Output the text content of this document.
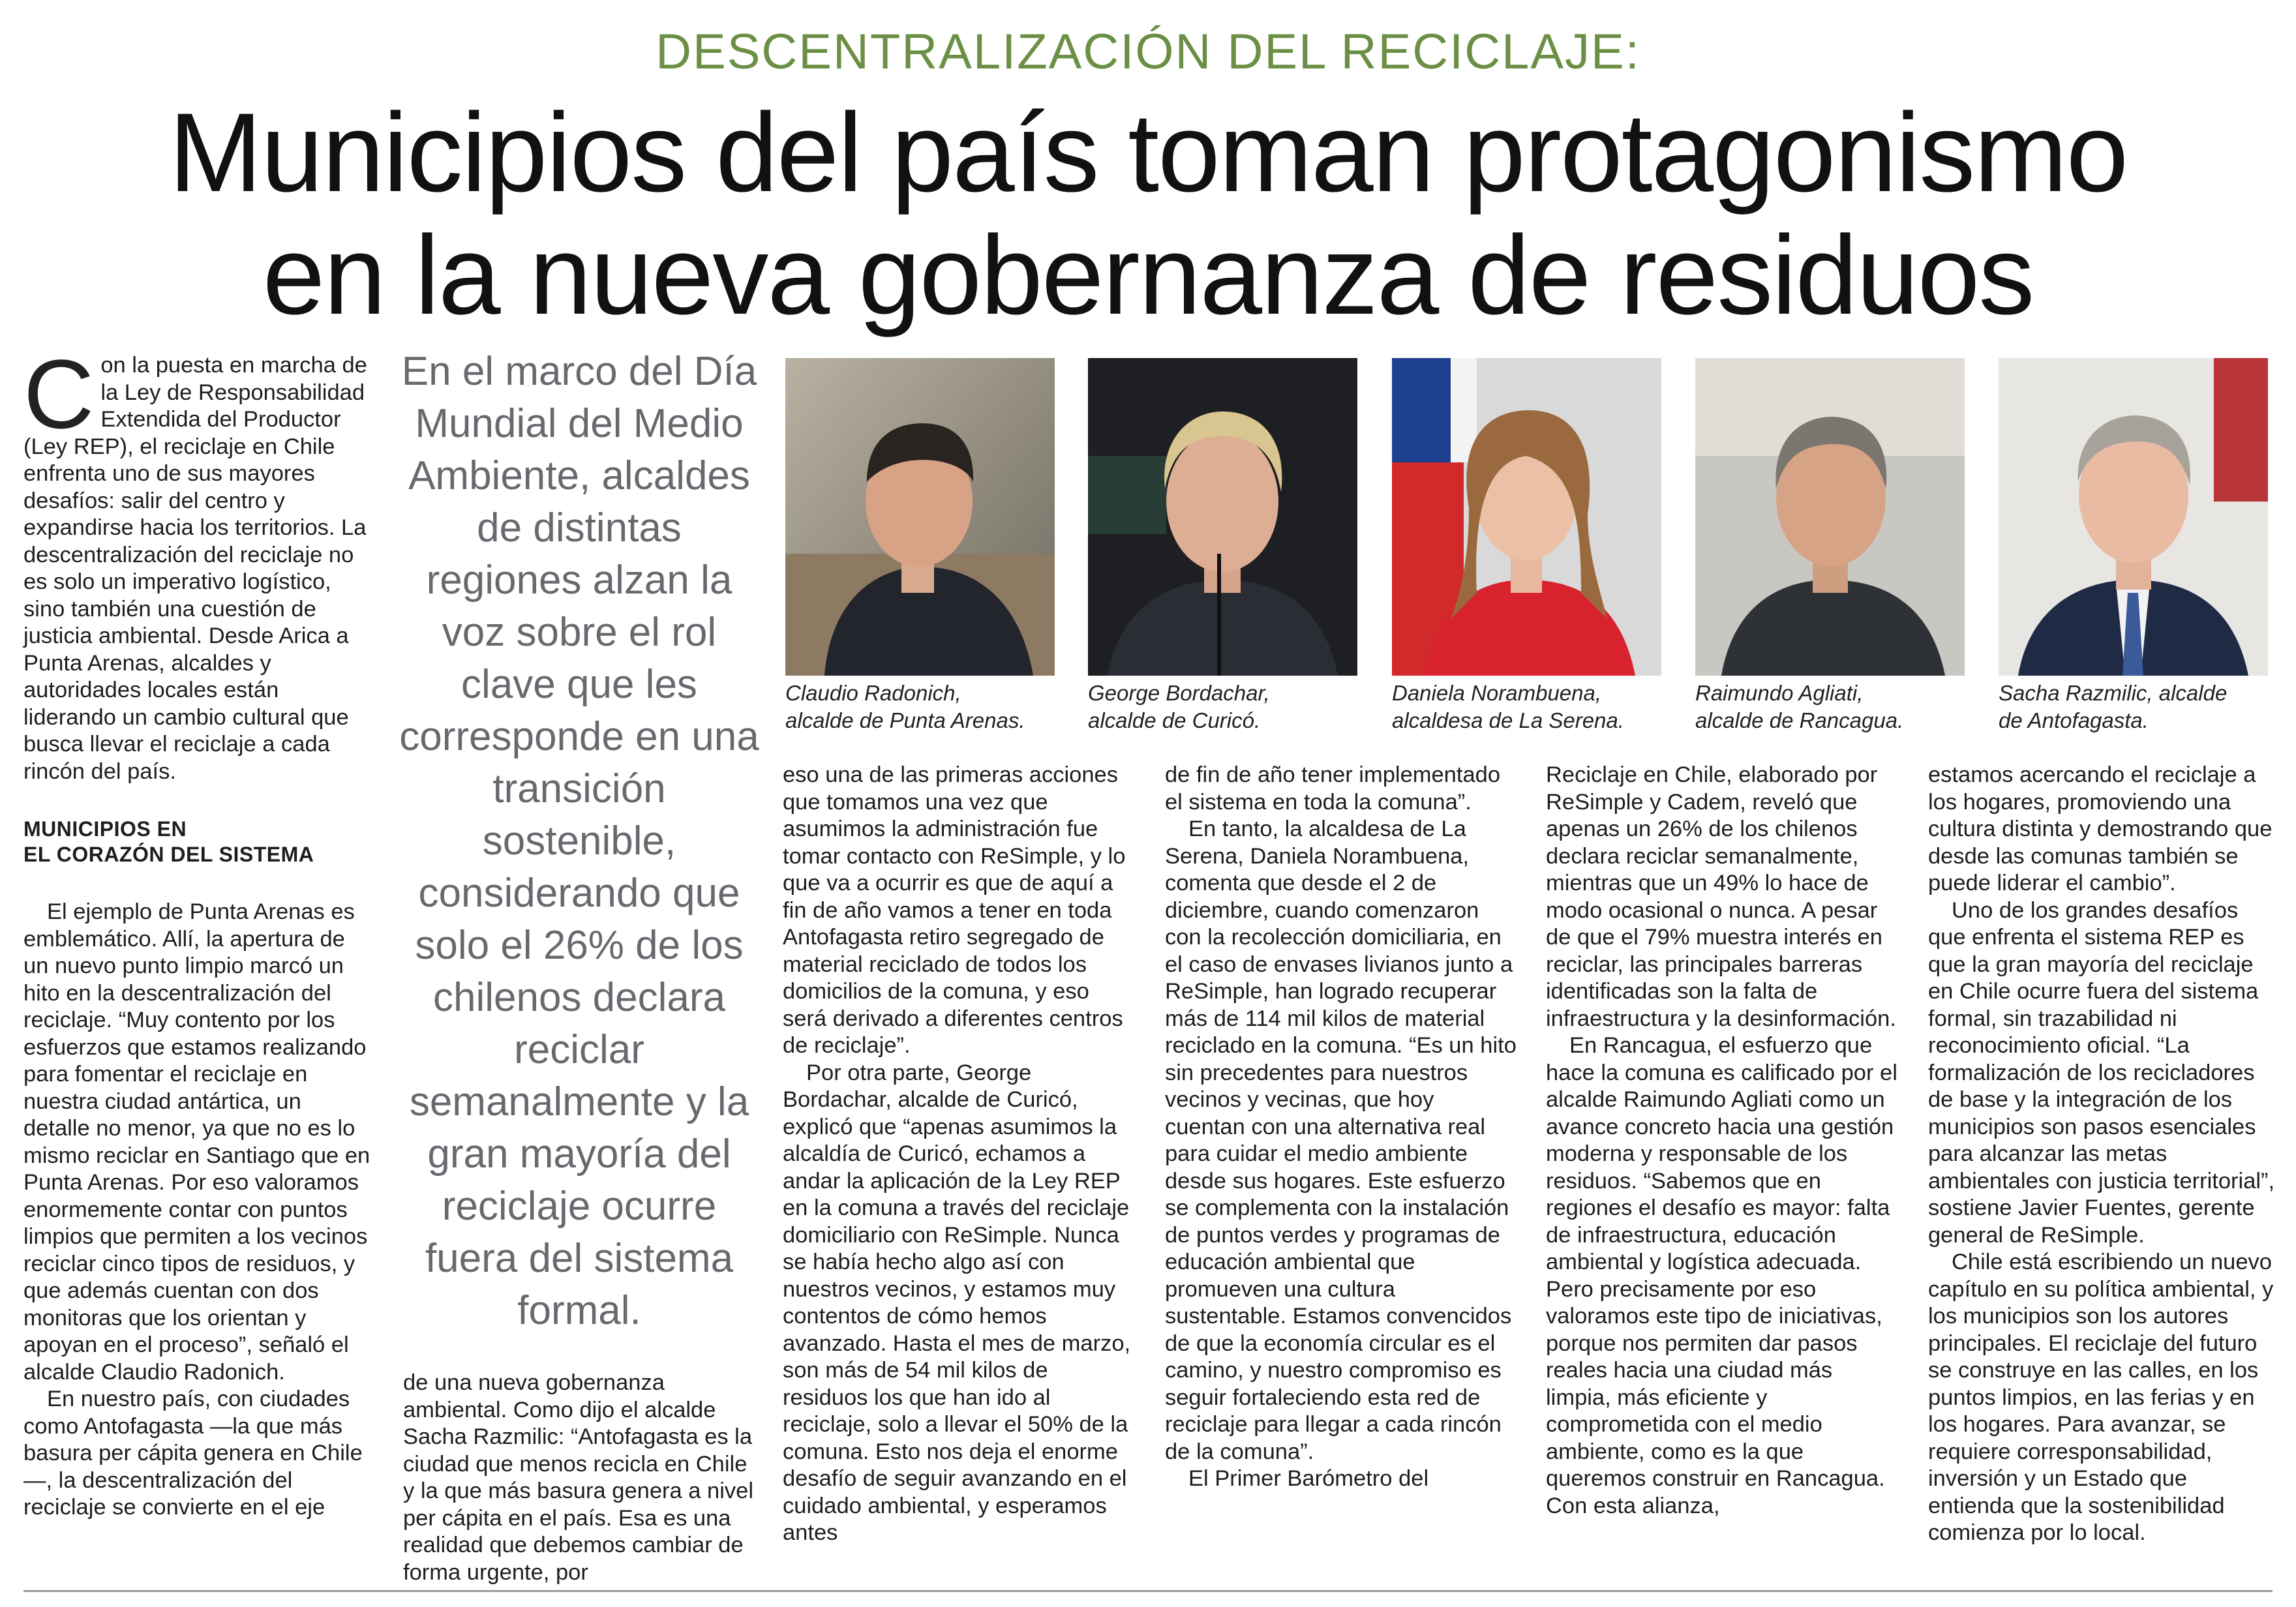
DESCENTRALIZACIÓN DEL RECICLAJE:
Municipios del país toman protagonismo
en la nueva gobernanza de residuos

Con la puesta en marcha de la Ley de Responsabilidad Extendida del Productor (Ley REP), el reciclaje en Chile enfrenta uno de sus mayores desafíos: salir del centro y expandirse hacia los territorios. La descentralización del reciclaje no es solo un imperativo logístico, sino también una cuestión de justicia ambiental. Desde Arica a Punta Arenas, alcaldes y autoridades locales están liderando un cambio cultural que busca llevar el reciclaje a cada rincón del país.

MUNICIPIOS EN
EL CORAZÓN DEL SISTEMA

El ejemplo de Punta Arenas es emblemático. Allí, la apertura de un nuevo punto limpio marcó un hito en la descentralización del reciclaje. “Muy contento por los esfuerzos que estamos realizando para fomentar el reciclaje en nuestra ciudad antártica, un detalle no menor, ya que no es lo mismo reciclar en Santiago que en Punta Arenas. Por eso valoramos enormemente contar con puntos limpios que permiten a los vecinos reciclar cinco tipos de residuos, y que además cuentan con dos monitoras que los orientan y apoyan en el proceso”, señaló el alcalde Claudio Radonich.

En nuestro país, con ciudades como Antofagasta —la que más basura per cápita genera en Chile—, la descentralización del reciclaje se convierte en el eje

En el marco del Día Mundial del Medio Ambiente, alcaldes de distintas regiones alzan la voz sobre el rol clave que les corresponde en una transición sostenible, considerando que solo el 26% de los chilenos declara reciclar semanalmente y la gran mayoría del reciclaje ocurre fuera del sistema formal.

de una nueva gobernanza ambiental. Como dijo el alcalde Sacha Razmilic: “Antofagasta es la ciudad que menos recicla en Chile y la que más basura genera a nivel per cápita en el país. Esa es una realidad que debemos cambiar de forma urgente, por

Claudio Radonich,
alcalde de Punta Arenas.
George Bordachar,
alcalde de Curicó.
Daniela Norambuena,
alcaldesa de La Serena.
Raimundo Agliati,
alcalde de Rancagua.
Sacha Razmilic, alcalde
de Antofagasta.

eso una de las primeras acciones que tomamos una vez que asumimos la administración fue tomar contacto con ReSimple, y lo que va a ocurrir es que de aquí a fin de año vamos a tener en toda Antofagasta retiro segregado de material reciclado de todos los domicilios de la comuna, y eso será derivado a diferentes centros de reciclaje”.

Por otra parte, George Bordachar, alcalde de Curicó, explicó que “apenas asumimos la alcaldía de Curicó, echamos a andar la aplicación de la Ley REP en la comuna a través del reciclaje domiciliario con ReSimple. Nunca se había hecho algo así con nuestros vecinos, y estamos muy contentos de cómo hemos avanzado. Hasta el mes de marzo, son más de 54 mil kilos de residuos los que han ido al reciclaje, solo a llevar el 50% de la comuna. Esto nos deja el enorme desafío de seguir avanzando en el cuidado ambiental, y esperamos antes

de fin de año tener implementado el sistema en toda la comuna”.

En tanto, la alcaldesa de La Serena, Daniela Norambuena, comenta que desde el 2 de diciembre, cuando comenzaron con la recolección domiciliaria, en el caso de envases livianos junto a ReSimple, han logrado recuperar más de 114 mil kilos de material reciclado en la comuna. “Es un hito sin precedentes para nuestros vecinos y vecinas, que hoy cuentan con una alternativa real para cuidar el medio ambiente desde sus hogares. Este esfuerzo se complementa con la instalación de puntos verdes y programas de educación ambiental que promueven una cultura sustentable. Estamos convencidos de que la economía circular es el camino, y nuestro compromiso es seguir fortaleciendo esta red de reciclaje para llegar a cada rincón de la comuna”.

El Primer Barómetro del

Reciclaje en Chile, elaborado por ReSimple y Cadem, reveló que apenas un 26% de los chilenos declara reciclar semanalmente, mientras que un 49% lo hace de modo ocasional o nunca. A pesar de que el 79% muestra interés en reciclar, las principales barreras identificadas son la falta de infraestructura y la desinformación.

En Rancagua, el esfuerzo que hace la comuna es calificado por el alcalde Raimundo Agliati como un avance concreto hacia una gestión moderna y responsable de los residuos. “Sabemos que en regiones el desafío es mayor: falta de infraestructura, educación ambiental y logística adecuada. Pero precisamente por eso valoramos este tipo de iniciativas, porque nos permiten dar pasos reales hacia una ciudad más limpia, más eficiente y comprometida con el medio ambiente, como es la que queremos construir en Rancagua. Con esta alianza,

estamos acercando el reciclaje a los hogares, promoviendo una cultura distinta y demostrando que desde las comunas también se puede liderar el cambio”.

Uno de los grandes desafíos que enfrenta el sistema REP es que la gran mayoría del reciclaje en Chile ocurre fuera del sistema formal, sin trazabilidad ni reconocimiento oficial. “La formalización de los recicladores de base y la integración de los municipios son pasos esenciales para alcanzar las metas ambientales con justicia territorial”, sostiene Javier Fuentes, gerente general de ReSimple.

Chile está escribiendo un nuevo capítulo en su política ambiental, y los municipios son los autores principales. El reciclaje del futuro se construye en las calles, en los puntos limpios, en las ferias y en los hogares. Para avanzar, se requiere corresponsabilidad, inversión y un Estado que entienda que la sostenibilidad comienza por lo local.
